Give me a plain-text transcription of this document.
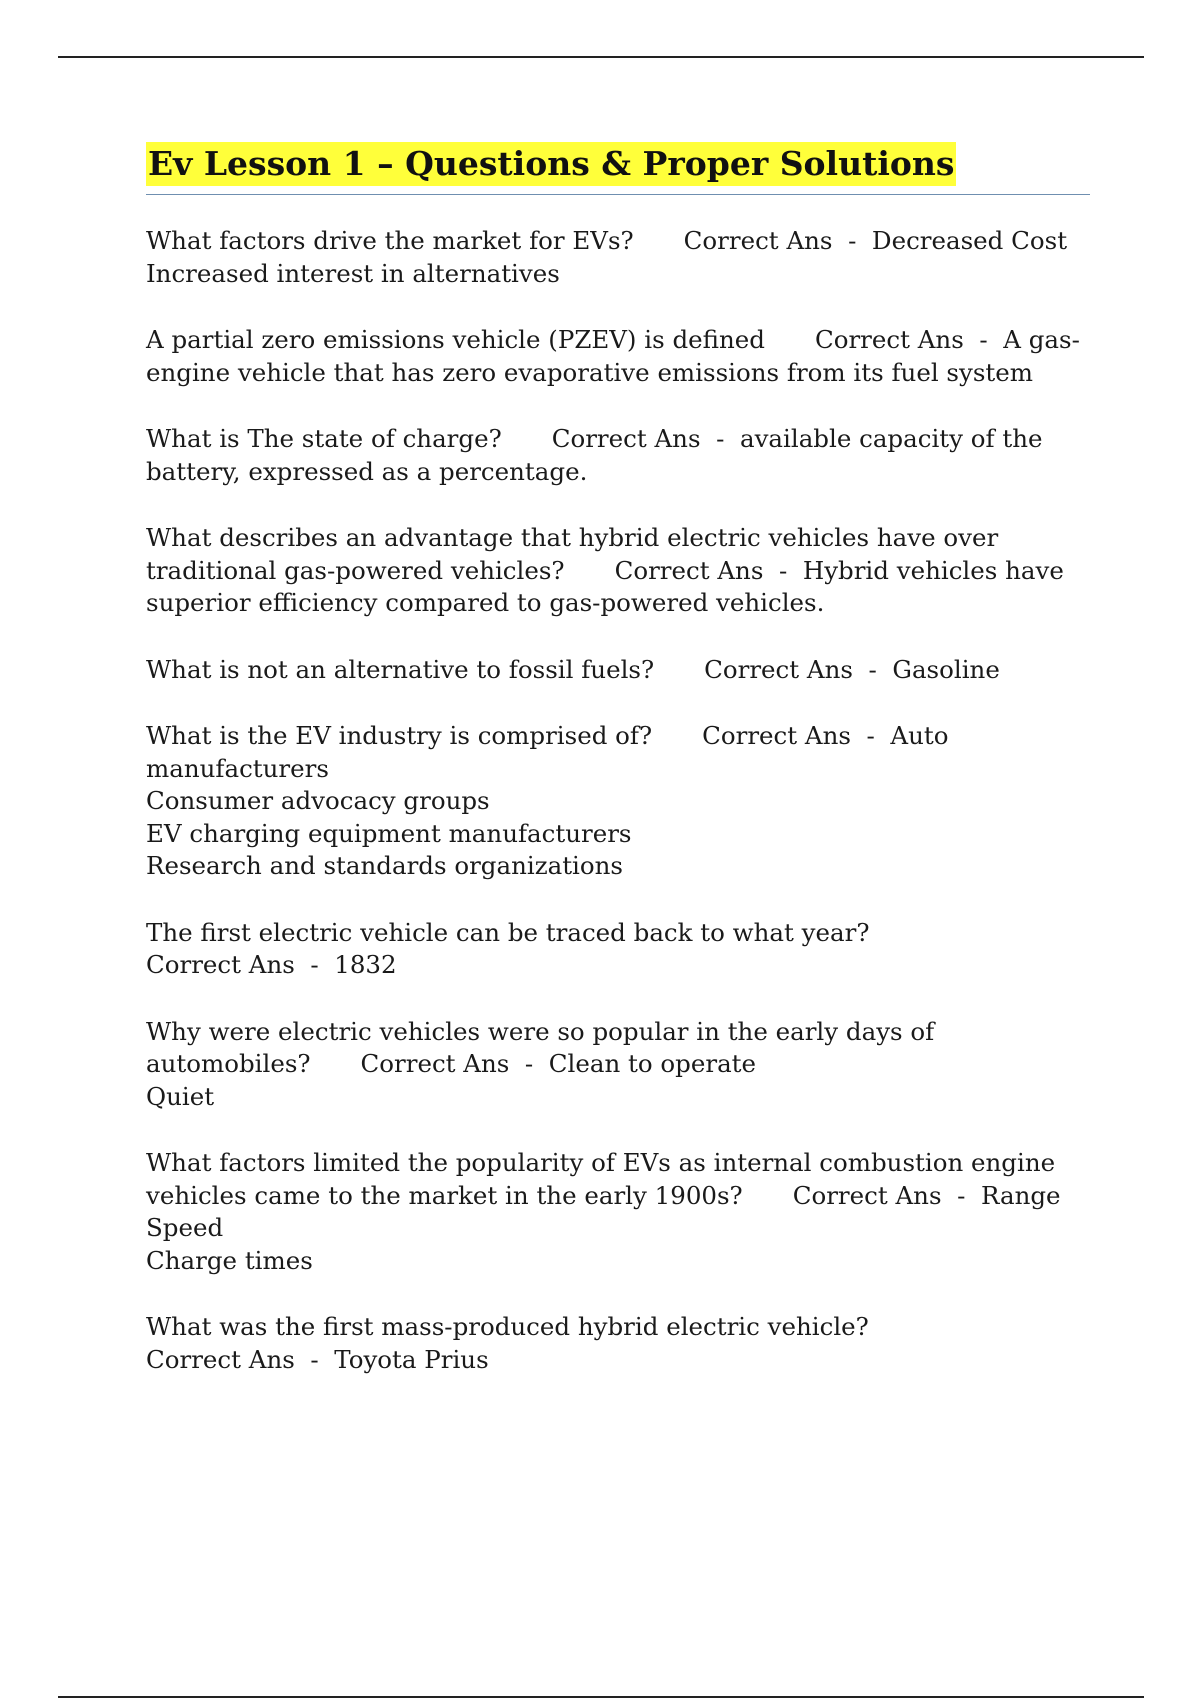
Ev Lesson 1 – Questions & Proper Solutions
What factors drive the market for EVs? Correct Ans  -  Decreased Cost
Increased interest in alternatives
A partial zero emissions vehicle (PZEV) is defined Correct Ans  -  A gas-engine vehicle that has zero evaporative emissions from its fuel system
What is The state of charge? Correct Ans  -  available capacity of the battery, expressed as a percentage.
What describes an advantage that hybrid electric vehicles have over traditional gas-powered vehicles? Correct Ans  -  Hybrid vehicles have superior efficiency compared to gas-powered vehicles.
What is not an alternative to fossil fuels? Correct Ans  -  Gasoline
What is the EV industry is comprised of? Correct Ans  -  Auto manufacturers
Consumer advocacy groups
EV charging equipment manufacturers
Research and standards organizations
The first electric vehicle can be traced back to what year?Correct Ans  -  1832
Why were electric vehicles were so popular in the early days of automobiles? Correct Ans  -  Clean to operate
Quiet
What factors limited the popularity of EVs as internal combustion engine vehicles came to the market in the early 1900s? Correct Ans  -  Range
Speed
Charge times
What was the first mass-produced hybrid electric vehicle?Correct Ans  -  Toyota Prius
